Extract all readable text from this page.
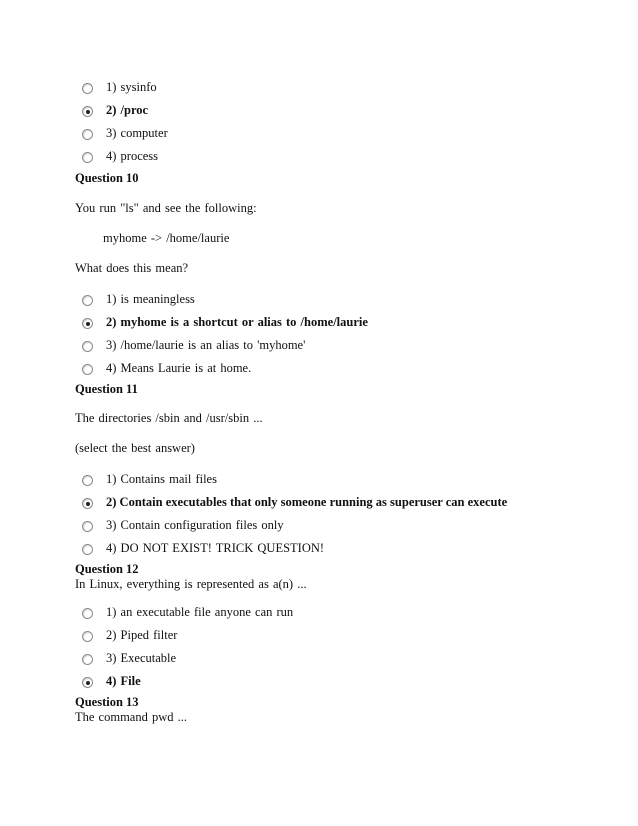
1) sysinfo
2) /proc
3) computer
4) process
Question 10
You run "ls" and see the following:
myhome -> /home/laurie
What does this mean?
1) is meaningless
2) myhome is a shortcut or alias to /home/laurie
3) /home/laurie is an alias to 'myhome'
4) Means Laurie is at home.
Question 11
The directories /sbin and /usr/sbin ...
(select the best answer)
1) Contains mail files
2) Contain executables that only someone running as superuser can execute
3) Contain configuration files only
4) DO NOT EXIST! TRICK QUESTION!
Question 12
In Linux, everything is represented as a(n) ...
1) an executable file anyone can run
2) Piped filter
3) Executable
4) File
Question 13
The command pwd ...
